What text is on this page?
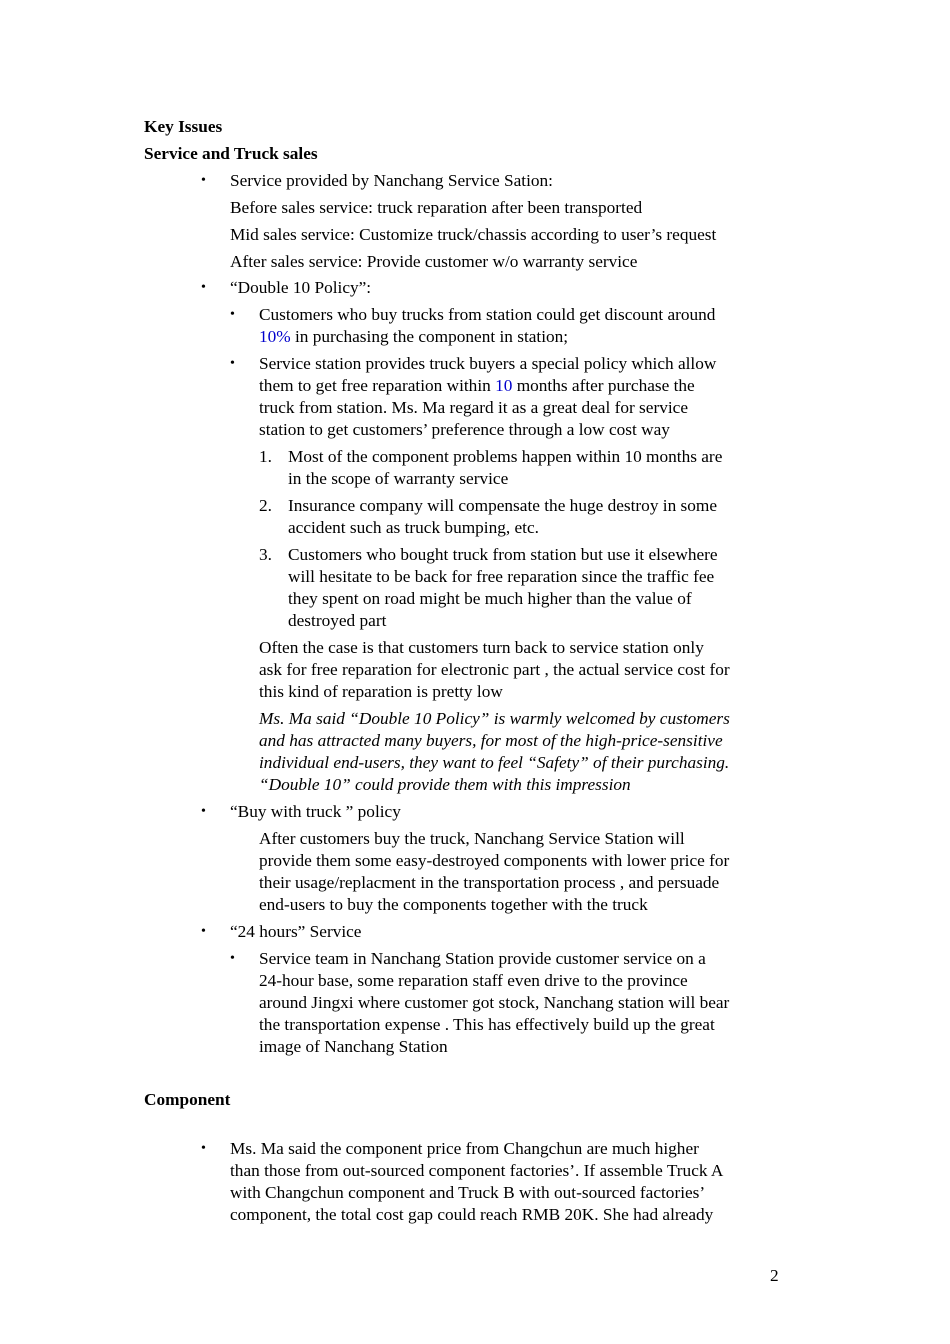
Key Issues
Service and Truck sales
• Service provided by Nanchang Service Sation:
Before sales service: truck reparation after been transported
Mid sales service: Customize truck/chassis according to user’s request
After sales service: Provide customer w/o warranty service
• “Double 10 Policy”:
• Customers who buy trucks from station could get discount around
10% in purchasing the component in station;
• Service station provides truck buyers a special policy which allow
them to get free reparation within 10 months after purchase the
truck from station. Ms. Ma regard it as a great deal for service
station to get customers’ preference through a low cost way
1. Most of the component problems happen within 10 months are
in the scope of warranty service
2. Insurance company will compensate the huge destroy in some
accident such as truck bumping, etc.
3. Customers who bought truck from station but use it elsewhere
will hesitate to be back for free reparation since the traffic fee
they spent on road might be much higher than the value of
destroyed part
Often the case is that customers turn back to service station only
ask for free reparation for electronic part , the actual service cost for
this kind of reparation is pretty low
Ms. Ma said “Double 10 Policy” is warmly welcomed by customers
and has attracted many buyers, for most of the high-price-sensitive
individual end-users, they want to feel “Safety” of their purchasing.
“Double 10” could provide them with this impression
• “Buy with truck ” policy
After customers buy the truck, Nanchang Service Station will
provide them some easy-destroyed components with lower price for
their usage/replacment in the transportation process , and persuade
end-users to buy the components together with the truck
• “24 hours” Service
• Service team in Nanchang Station provide customer service on a
24-hour base, some reparation staff even drive to the province
around Jingxi where customer got stock, Nanchang station will bear
the transportation expense . This has effectively build up the great
image of Nanchang Station
Component
• Ms. Ma said the component price from Changchun are much higher
than those from out-sourced component factories’. If assemble Truck A
with Changchun component and Truck B with out-sourced factories’
component, the total cost gap could reach RMB 20K. She had already
2
